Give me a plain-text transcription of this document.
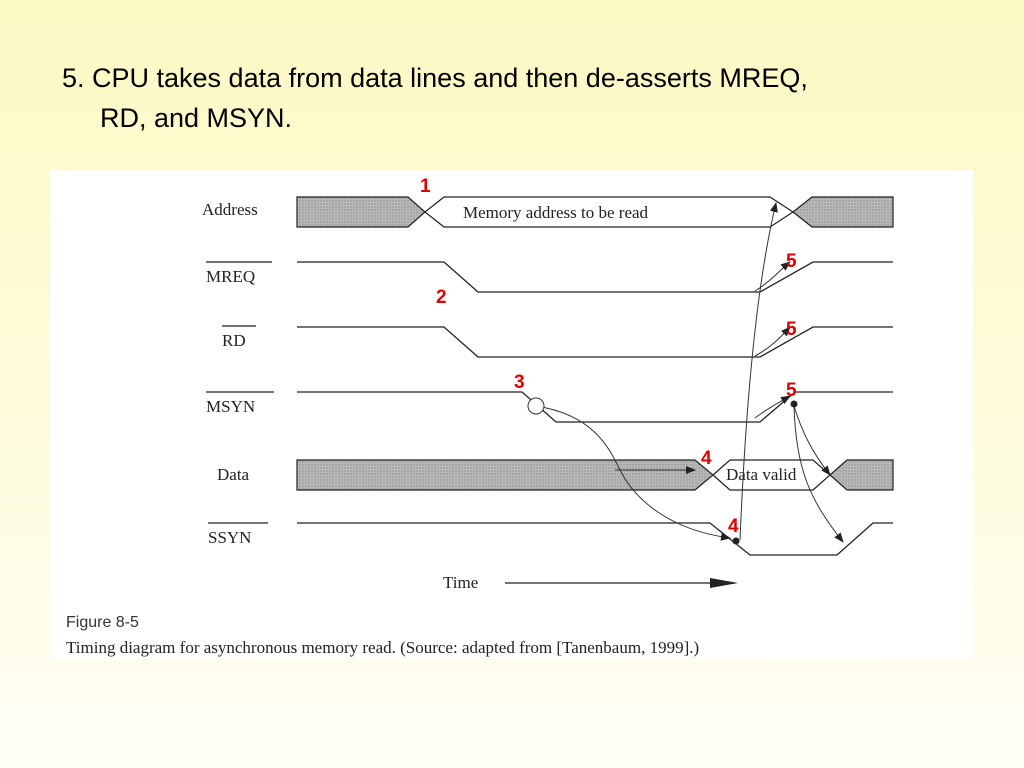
5. CPU takes data from data lines and then de-asserts MREQ,
RD, and MSYN.
Address
MREQ
RD
MSYN
Data
SSYN
Memory address to be read
Data valid
1
2
3
4
4
5
5
5
Time
Figure 8-5
Timing diagram for asynchronous memory read. (Source: adapted from [Tanenbaum, 1999].)
